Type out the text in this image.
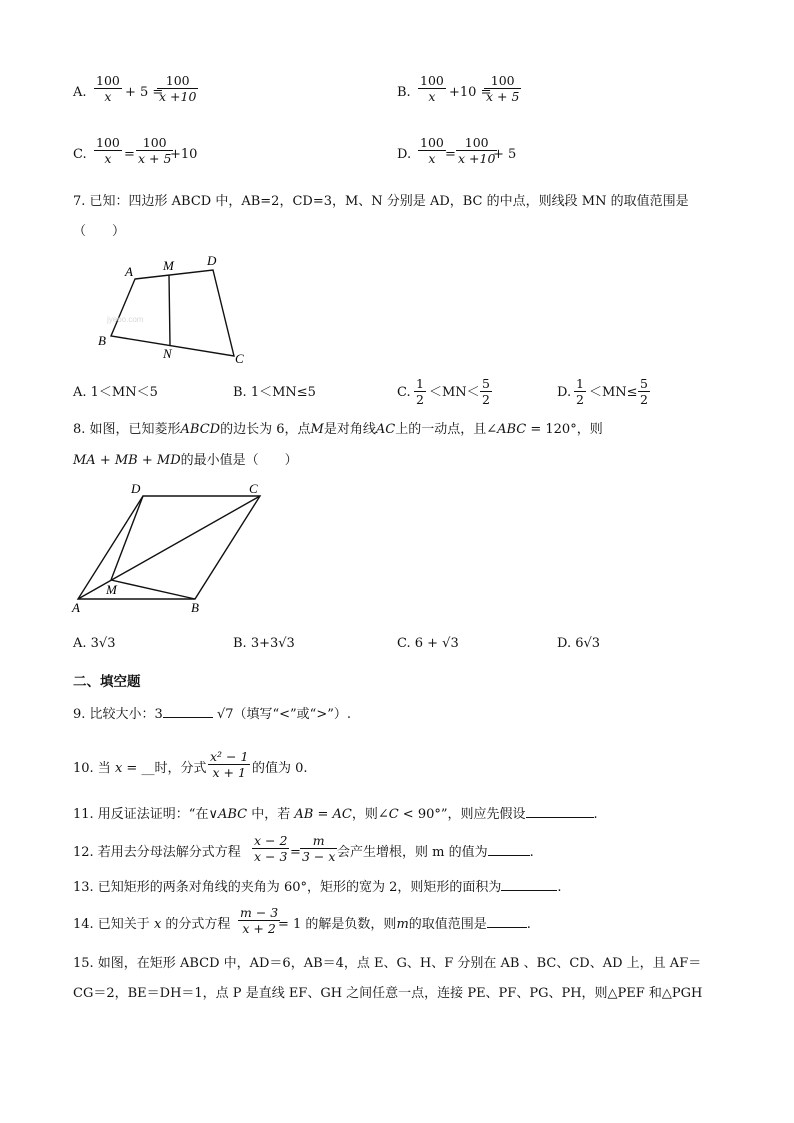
A. $\frac{100}{x} + 5$ =
$\frac{100}{x +10}$	B. $\frac{100}{x} +10$ =
$\frac{100}{x + 5}$
C. $\frac{100}{x} = \frac{100}{x + 5}$
+10	D. $\frac{100}{x} = \frac{100}{x +10}$
+ 5
7. 已知：四边形 ABCD 中，AB=2，CD=3，M、N 分别是 AD，BC 的中点，则线段 MN 的取值范围是
（　　）
jyeoo.com
A M	D
B
N	C
A. 1＜MN＜5	B. 1＜MN≤5	C. $\frac{1}{2} <MN< \frac{5}{2}$	D. $\frac{1}{2} <MN\le \frac{5}{2}$
8. 如图，已知菱形ABCD的边长为 6，点M是对角线AC上的一动点，且∠ABC = 120°，则
MA + MB + MD的最小值是（　　）
D	C
M
A	B
A. 3√3	B. 3+3√3	C. 6 + √3	D. 6√3
二、填空题
9. 比较大小：3	√7（填写“<”或“>”）.
10. 当 x = __时，分式 $\frac{\text{x² − 1}}{x + 1}$ 的值为 0.
11. 用反证法证明：“在∨ABC 中，若 AB = AC，则∠C < 90°”，则应先假设	.
12. 若用去分母法解分式方程 $\frac{x - 2}{x - 3} = \frac{m}{3 - x}$ 会产生增根，则 m 的值为	.
13. 已知矩形的两条对角线的夹角为 60°，矩形的宽为 2，则矩形的面积为	.
14. 已知关于 x 的分式方程 $\frac{m - 3}{x + 2}$
= 1 的解是负数，则m的取值范围是	.
15. 如图，在矩形 ABCD 中，AD＝6，AB＝4，点 E、G、H、F 分别在 AB 、BC、CD、AD 上，且 AF＝
CG＝2，BE＝DH＝1，点 P 是直线 EF、GH 之间任意一点，连接 PE、PF、PG、PH，则△PEF 和△PGH
